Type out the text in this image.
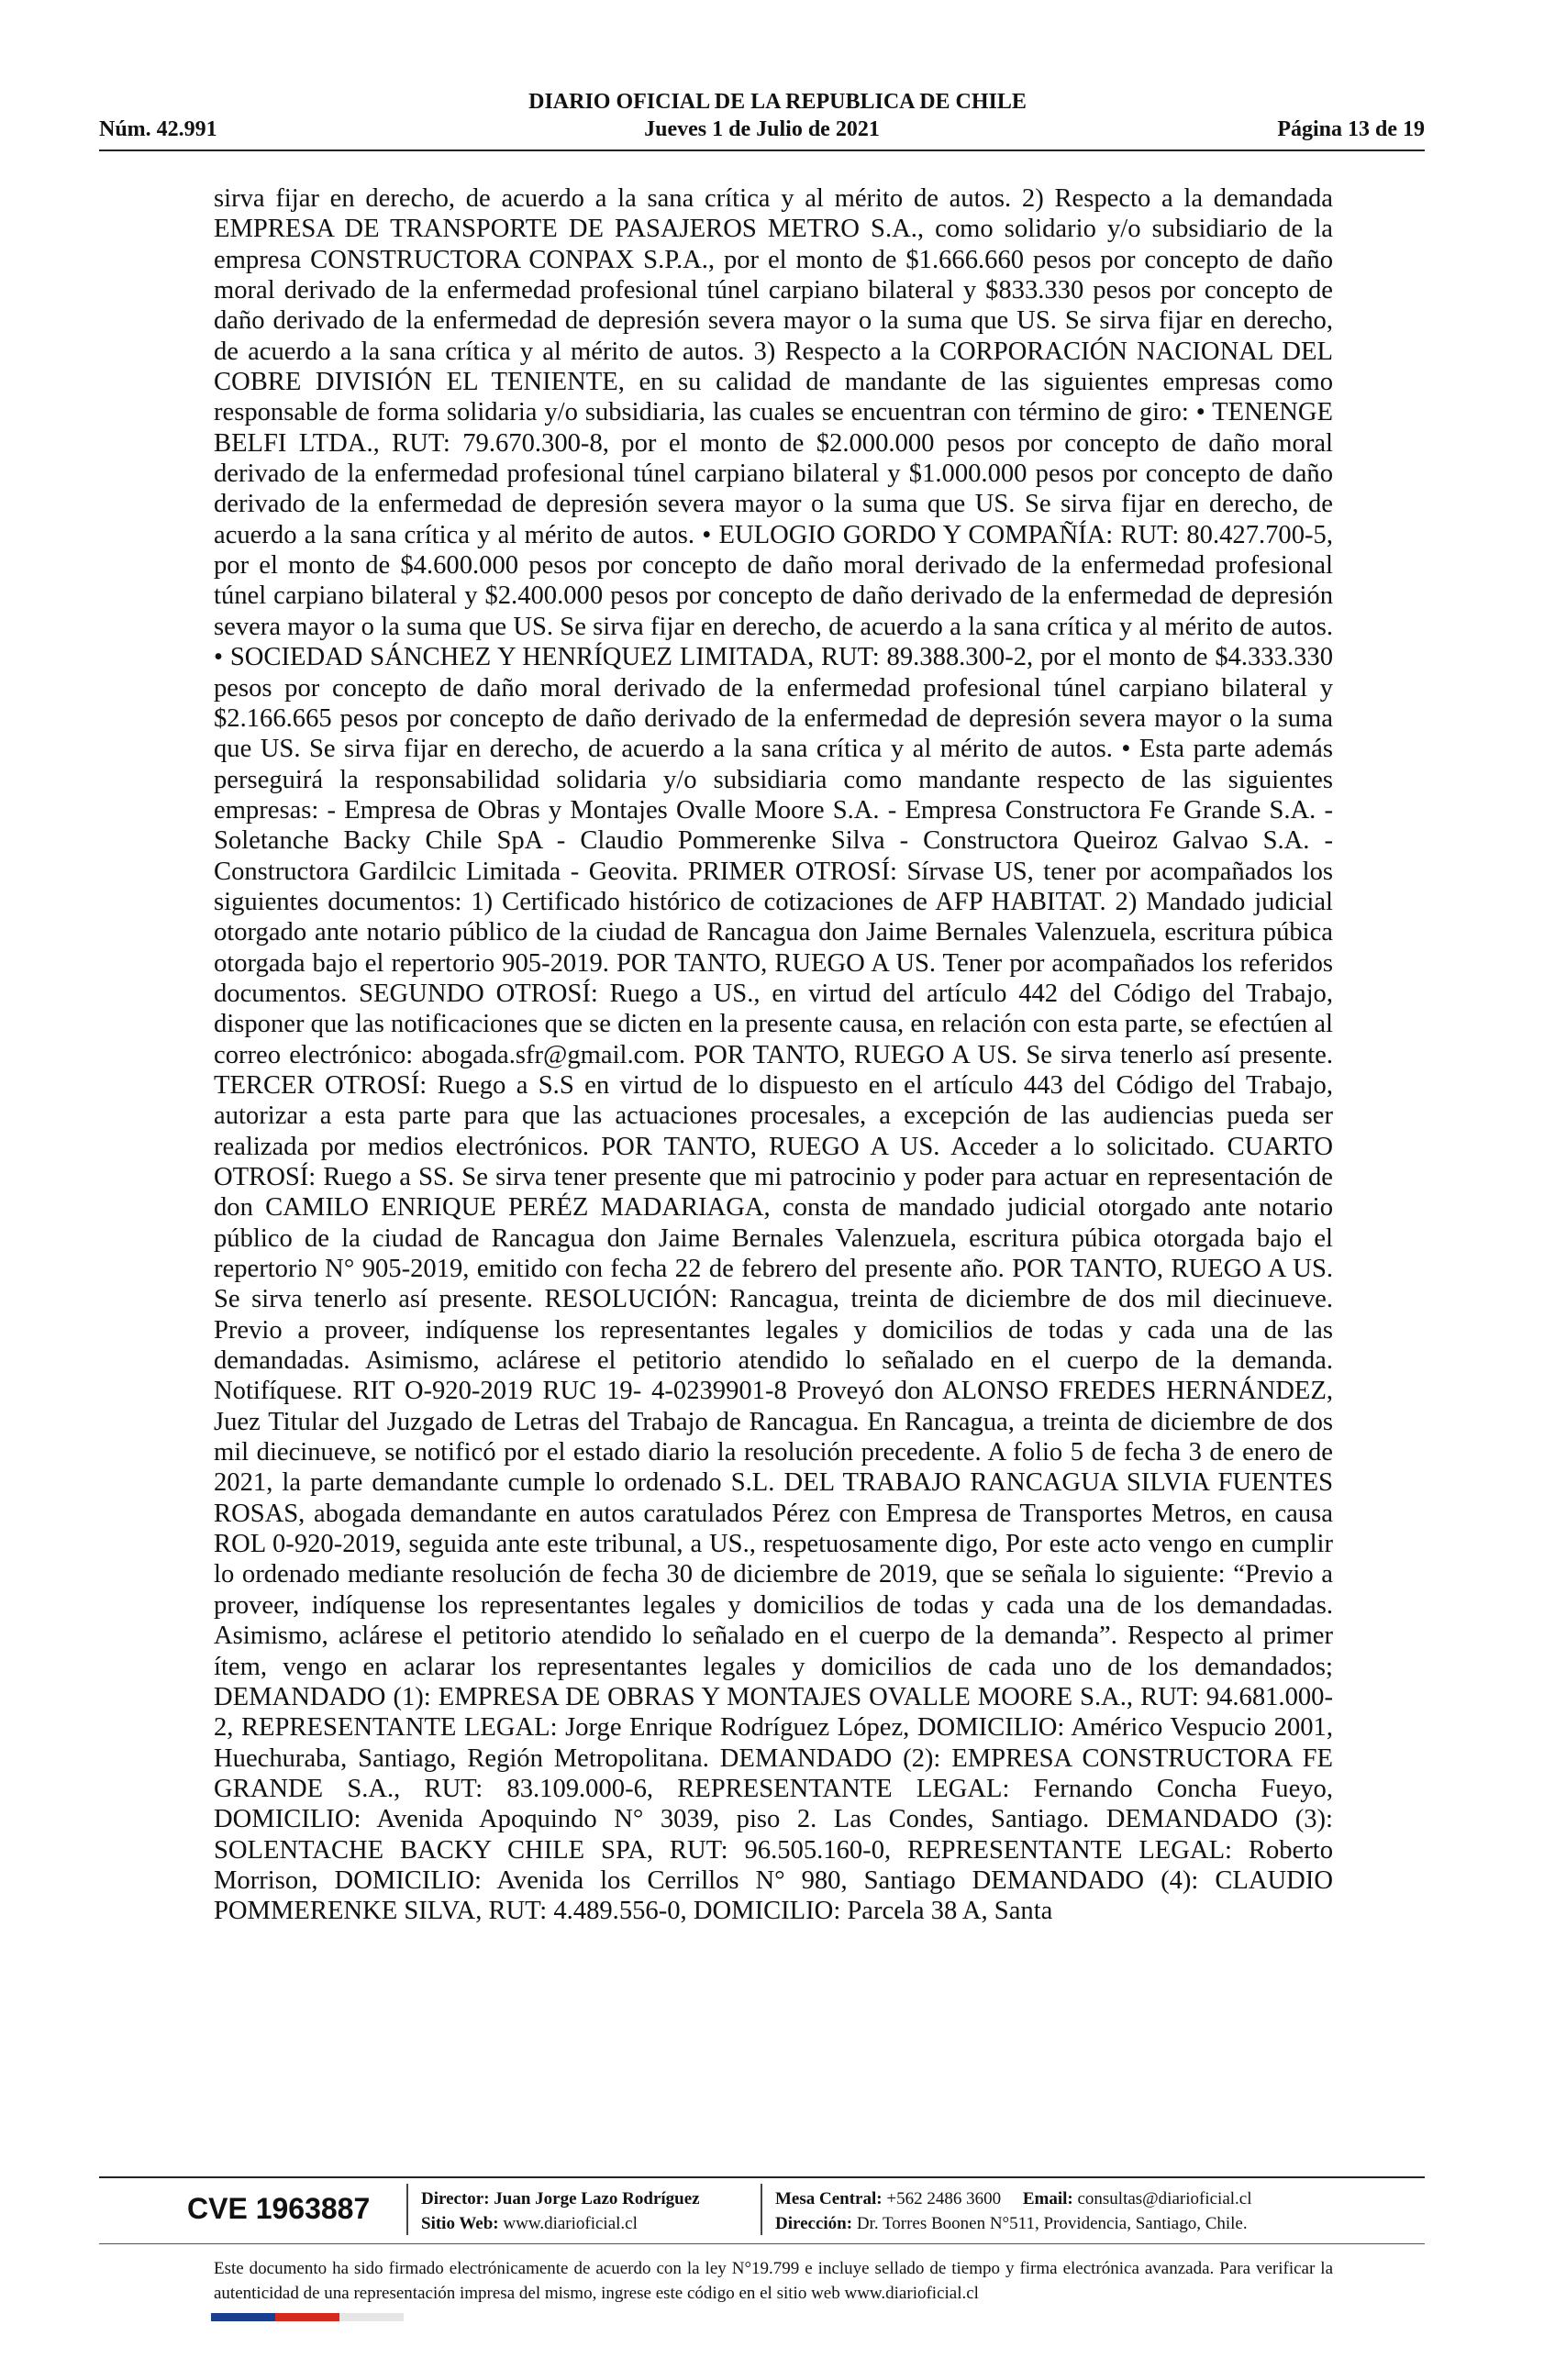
DIARIO OFICIAL DE LA REPUBLICA DE CHILE
Núm. 42.991	Jueves 1 de Julio de 2021	Página 13 de 19

sirva fijar en derecho, de acuerdo a la sana crítica y al mérito de autos. 2) Respecto a la demandada EMPRESA DE TRANSPORTE DE PASAJEROS METRO S.A., como solidario y/o subsidiario de la empresa CONSTRUCTORA CONPAX S.P.A., por el monto de $1.666.660 pesos por concepto de daño moral derivado de la enfermedad profesional túnel carpiano bilateral y $833.330 pesos por concepto de daño derivado de la enfermedad de depresión severa mayor o la suma que US. Se sirva fijar en derecho, de acuerdo a la sana crítica y al mérito de autos. 3) Respecto a la CORPORACIÓN NACIONAL DEL COBRE DIVISIÓN EL TENIENTE, en su calidad de mandante de las siguientes empresas como responsable de forma solidaria y/o subsidiaria, las cuales se encuentran con término de giro: • TENENGE BELFI LTDA., RUT: 79.670.300-8, por el monto de $2.000.000 pesos por concepto de daño moral derivado de la enfermedad profesional túnel carpiano bilateral y $1.000.000 pesos por concepto de daño derivado de la enfermedad de depresión severa mayor o la suma que US. Se sirva fijar en derecho, de acuerdo a la sana crítica y al mérito de autos. • EULOGIO GORDO Y COMPAÑÍA: RUT: 80.427.700-5, por el monto de $4.600.000 pesos por concepto de daño moral derivado de la enfermedad profesional túnel carpiano bilateral y $2.400.000 pesos por concepto de daño derivado de la enfermedad de depresión severa mayor o la suma que US. Se sirva fijar en derecho, de acuerdo a la sana crítica y al mérito de autos. • SOCIEDAD SÁNCHEZ Y HENRÍQUEZ LIMITADA, RUT: 89.388.300-2, por el monto de $4.333.330 pesos por concepto de daño moral derivado de la enfermedad profesional túnel carpiano bilateral y $2.166.665 pesos por concepto de daño derivado de la enfermedad de depresión severa mayor o la suma que US. Se sirva fijar en derecho, de acuerdo a la sana crítica y al mérito de autos. • Esta parte además perseguirá la responsabilidad solidaria y/o subsidiaria como mandante respecto de las siguientes empresas: - Empresa de Obras y Montajes Ovalle Moore S.A. - Empresa Constructora Fe Grande S.A. - Soletanche Backy Chile SpA - Claudio Pommerenke Silva - Constructora Queiroz Galvao S.A. - Constructora Gardilcic Limitada - Geovita. PRIMER OTROSÍ: Sírvase US, tener por acompañados los siguientes documentos: 1) Certificado histórico de cotizaciones de AFP HABITAT. 2) Mandado judicial otorgado ante notario público de la ciudad de Rancagua don Jaime Bernales Valenzuela, escritura púbica otorgada bajo el repertorio 905-2019. POR TANTO, RUEGO A US. Tener por acompañados los referidos documentos. SEGUNDO OTROSÍ: Ruego a US., en virtud del artículo 442 del Código del Trabajo, disponer que las notificaciones que se dicten en la presente causa, en relación con esta parte, se efectúen al correo electrónico: abogada.sfr@gmail.com. POR TANTO, RUEGO A US. Se sirva tenerlo así presente. TERCER OTROSÍ: Ruego a S.S en virtud de lo dispuesto en el artículo 443 del Código del Trabajo, autorizar a esta parte para que las actuaciones procesales, a excepción de las audiencias pueda ser realizada por medios electrónicos. POR TANTO, RUEGO A US. Acceder a lo solicitado. CUARTO OTROSÍ: Ruego a SS. Se sirva tener presente que mi patrocinio y poder para actuar en representación de don CAMILO ENRIQUE PERÉZ MADARIAGA, consta de mandado judicial otorgado ante notario público de la ciudad de Rancagua don Jaime Bernales Valenzuela, escritura púbica otorgada bajo el repertorio N° 905-2019, emitido con fecha 22 de febrero del presente año. POR TANTO, RUEGO A US. Se sirva tenerlo así presente. RESOLUCIÓN: Rancagua, treinta de diciembre de dos mil diecinueve. Previo a proveer, indíquense los representantes legales y domicilios de todas y cada una de las demandadas. Asimismo, aclárese el petitorio atendido lo señalado en el cuerpo de la demanda. Notifíquese. RIT O-920-2019 RUC 19- 4-0239901-8 Proveyó don ALONSO FREDES HERNÁNDEZ, Juez Titular del Juzgado de Letras del Trabajo de Rancagua. En Rancagua, a treinta de diciembre de dos mil diecinueve, se notificó por el estado diario la resolución precedente. A folio 5 de fecha 3 de enero de 2021, la parte demandante cumple lo ordenado S.L. DEL TRABAJO RANCAGUA SILVIA FUENTES ROSAS, abogada demandante en autos caratulados Pérez con Empresa de Transportes Metros, en causa ROL 0-920-2019, seguida ante este tribunal, a US., respetuosamente digo, Por este acto vengo en cumplir lo ordenado mediante resolución de fecha 30 de diciembre de 2019, que se señala lo siguiente: “Previo a proveer, indíquense los representantes legales y domicilios de todas y cada una de los demandadas. Asimismo, aclárese el petitorio atendido lo señalado en el cuerpo de la demanda”. Respecto al primer ítem, vengo en aclarar los representantes legales y domicilios de cada uno de los demandados; DEMANDADO (1): EMPRESA DE OBRAS Y MONTAJES OVALLE MOORE S.A., RUT: 94.681.000-2, REPRESENTANTE LEGAL: Jorge Enrique Rodríguez López, DOMICILIO: Américo Vespucio 2001, Huechuraba, Santiago, Región Metropolitana. DEMANDADO (2): EMPRESA CONSTRUCTORA FE GRANDE S.A., RUT: 83.109.000-6, REPRESENTANTE LEGAL: Fernando Concha Fueyo, DOMICILIO: Avenida Apoquindo N° 3039, piso 2. Las Condes, Santiago. DEMANDADO (3): SOLENTACHE BACKY CHILE SPA, RUT: 96.505.160-0, REPRESENTANTE LEGAL: Roberto Morrison, DOMICILIO: Avenida los Cerrillos N° 980, Santiago DEMANDADO (4): CLAUDIO POMMERENKE SILVA, RUT: 4.489.556-0, DOMICILIO: Parcela 38 A, Santa

CVE 1963887	Director: Juan Jorge Lazo Rodríguez
Sitio Web: www.diarioficial.cl
Mesa Central: +562 2486 3600 Email: consultas@diarioficial.cl
Dirección: Dr. Torres Boonen N°511, Providencia, Santiago, Chile.

Este documento ha sido firmado electrónicamente de acuerdo con la ley N°19.799 e incluye sellado de tiempo y firma electrónica avanzada. Para verificar la autenticidad de una representación impresa del mismo, ingrese este código en el sitio web www.diarioficial.cl
